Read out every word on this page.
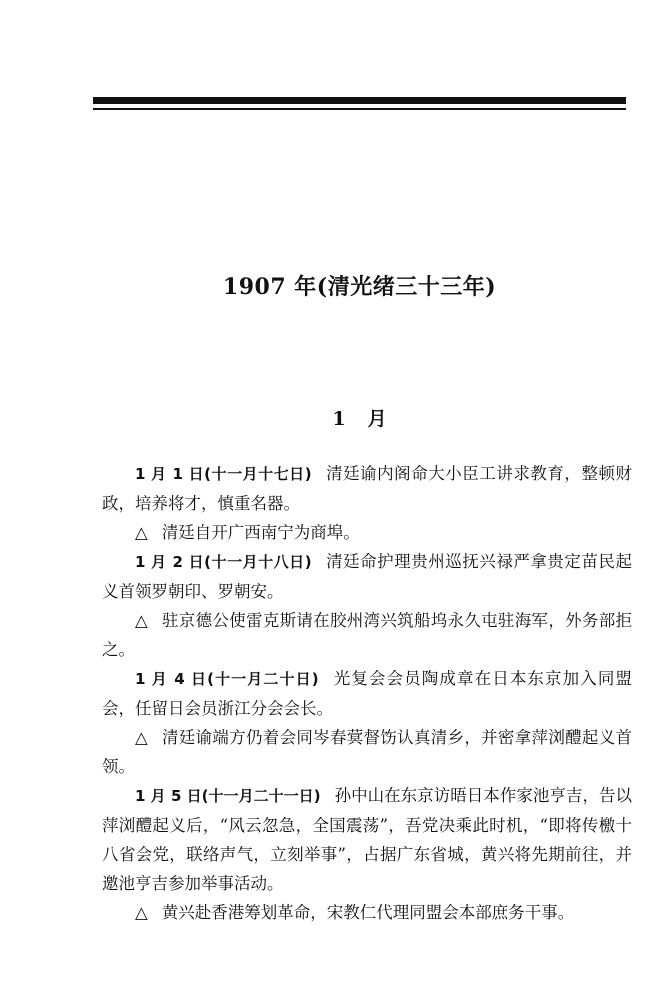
1907 年(清光绪三十三年)
1 月

1 月 1 日(十一月十七日) 清廷谕内阁命大小臣工讲求教育，整顿财政，培养将才，慎重名器。

△ 清廷自开广西南宁为商埠。

1 月 2 日(十一月十八日) 清廷命护理贵州巡抚兴禄严拿贵定苗民起义首领罗朝印、罗朝安。

△ 驻京德公使雷克斯请在胶州湾兴筑船坞永久屯驻海军，外务部拒之。

1 月 4 日(十一月二十日) 光复会会员陶成章在日本东京加入同盟会，任留日会员浙江分会会长。

△ 清廷谕端方仍着会同岑春蓂督饬认真清乡，并密拿萍浏醴起义首领。

1 月 5 日(十一月二十一日) 孙中山在东京访晤日本作家池亨吉，告以萍浏醴起义后，“风云忽急，全国震荡”，吾党决乘此时机，“即将传檄十八省会党，联络声气，立刻举事”，占据广东省城，黄兴将先期前往，并邀池亨吉参加举事活动。

△ 黄兴赴香港筹划革命，宋教仁代理同盟会本部庶务干事。
